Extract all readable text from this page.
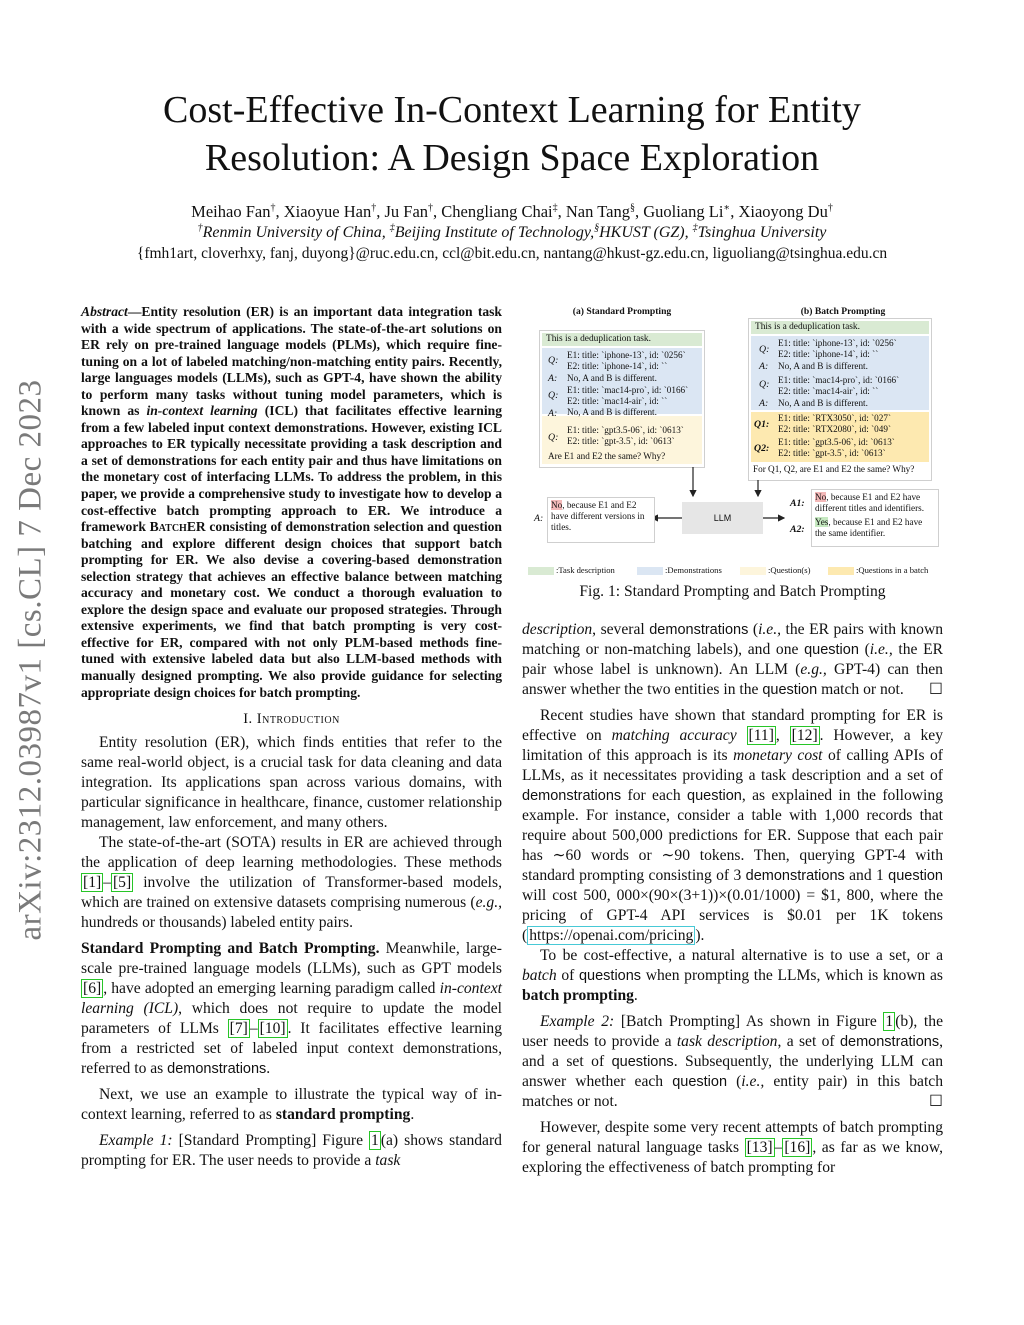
arXiv:2312.03987v1 [cs.CL] 7 Dec 2023
Cost-Effective In-Context Learning for Entity
Resolution: A Design Space Exploration
Meihao Fan†, Xiaoyue Han†, Ju Fan†, Chengliang Chai‡, Nan Tang§, Guoliang Li∗, Xiaoyong Du†
†Renmin University of China, ‡Beijing Institute of Technology,§HKUST (GZ), ‡Tsinghua University
{fmh1art, cloverhxy, fanj, duyong}@ruc.edu.cn, ccl@bit.edu.cn, nantang@hkust-gz.edu.cn, liguoliang@tsinghua.edu.cn

Abstract—Entity resolution (ER) is an important data integration task with a wide spectrum of applications. The state-of-the-art solutions on ER rely on pre-trained language models (PLMs), which require fine-tuning on a lot of labeled matching/non-matching entity pairs. Recently, large languages models (LLMs), such as GPT-4, have shown the ability to perform many tasks without tuning model parameters, which is known as in-context learning (ICL) that facilitates effective learning from a few labeled input context demonstrations. However, existing ICL approaches to ER typically necessitate providing a task description and a set of demonstrations for each entity pair and thus have limitations on the monetary cost of interfacing LLMs. To address the problem, in this paper, we provide a comprehensive study to investigate how to develop a cost-effective batch prompting approach to ER. We introduce a framework BatchER consisting of demonstration selection and question batching and explore different design choices that support batch prompting for ER. We also devise a covering-based demonstration selection strategy that achieves an effective balance between matching accuracy and monetary cost. We conduct a thorough evaluation to explore the design space and evaluate our proposed strategies. Through extensive experiments, we find that batch prompting is very cost-effective for ER, compared with not only PLM-based methods fine-tuned with extensive labeled data but also LLM-based methods with manually designed prompting. We also provide guidance for selecting appropriate design choices for batch prompting.

I. Introduction

Entity resolution (ER), which finds entities that refer to the same real-world object, is a crucial task for data cleaning and data integration. Its applications span across various domains, with particular significance in healthcare, finance, customer relationship management, law enforcement, and many others.

The state-of-the-art (SOTA) results in ER are achieved through the application of deep learning methodologies. These methods [1] – [5] involve the utilization of Transformer-based models, which are trained on extensive datasets comprising numerous (e.g., hundreds or thousands) labeled entity pairs.

Standard Prompting and Batch Prompting. Meanwhile, large-scale pre-trained language models (LLMs), such as GPT models [6] , have adopted an emerging learning paradigm called in-context learning (ICL), which does not require to update the model parameters of LLMs [7] – [10] . It facilitates effective learning from a restricted set of labeled input context demonstrations, referred to as demonstrations.

Next, we use an example to illustrate the typical way of in-context learning, referred to as standard prompting.

Example 1: [Standard Prompting] Figure 1 (a) shows standard prompting for ER. The user needs to provide a task

(a) Standard Prompting
This is a deduplication task.
Q: E1: title: `iphone-13`, id: `0256`
E2: title: `iphone-14`, id: ``
A: No, A and B is different.
Q: E1: title: `mac14-pro`, id: `0166`
E2: title: `mac14-air`, id: ``
A: No, A and B is different.
Q:
E1: title: `gpt3.5-06`, id: `0613`
E2: title: `gpt-3.5`, id: `0613`
Are E1 and E2 the same? Why?
(b) Batch Prompting
This is a deduplication task.
Q:
E1: title: `iphone-13`, id: `0256`
E2: title: `iphone-14`, id: ``
A: No, A and B is different.
Q: E1: title: `mac14-pro`, id: `0166`
E2: title: `mac14-air`, id: ``
A: No, A and B is different.
Q1:
E1: title: `RTX3050`, id: `027`
E2: title: `RTX2080`, id: `049`
Q2:
E1: title: `gpt3.5-06`, id: `0613`
E2: title: `gpt-3.5`, id: `0613`
For Q1, Q2, are E1 and E2 the same? Why?
LLM
A:
No, because E1 and E2 have different versions in titles.
A1:
A2:
No, because E1 and E2 have different titles and identifiers.
Yes, because E1 and E2 have the same identifier.
:Task description	:Demonstrations	:Question(s)	:Questions in a batch
Fig. 1: Standard Prompting and Batch Prompting

description, several demonstrations (i.e., the ER pairs with known matching or non-matching labels), and one question (i.e., the ER pair whose label is unknown). An LLM (e.g., GPT-4) can then answer whether the two entities in the question match or not. ☐

Recent studies have shown that standard prompting for ER is effective on matching accuracy [11] , [12] . However, a key limitation of this approach is its monetary cost of calling APIs of LLMs, as it necessitates providing a task description and a set of demonstrations for each question, as explained in the following example. For instance, consider a table with 1,000 records that require about 500,000 predictions for ER. Suppose that each pair has ∼60 words or ∼90 tokens. Then, querying GPT-4 with standard prompting consisting of 3 demonstrations and 1 question will cost 500, 000×(90×(3+1))×(0.01/1000) = $1, 800, where the pricing of GPT-4 API services is $0.01 per 1K tokens ( https://openai.com/pricing ).

To be cost-effective, a natural alternative is to use a set, or a batch of questions when prompting the LLMs, which is known as batch prompting.

Example 2: [Batch Prompting] As shown in Figure 1 (b), the user needs to provide a task description, a set of demonstrations, and a set of questions. Subsequently, the underlying LLM can answer whether each question (i.e., entity pair) in this batch matches or not.	☐

However, despite some very recent attempts of batch prompting for general natural language tasks [13] – [16] , as far as we know, exploring the effectiveness of batch prompting for
